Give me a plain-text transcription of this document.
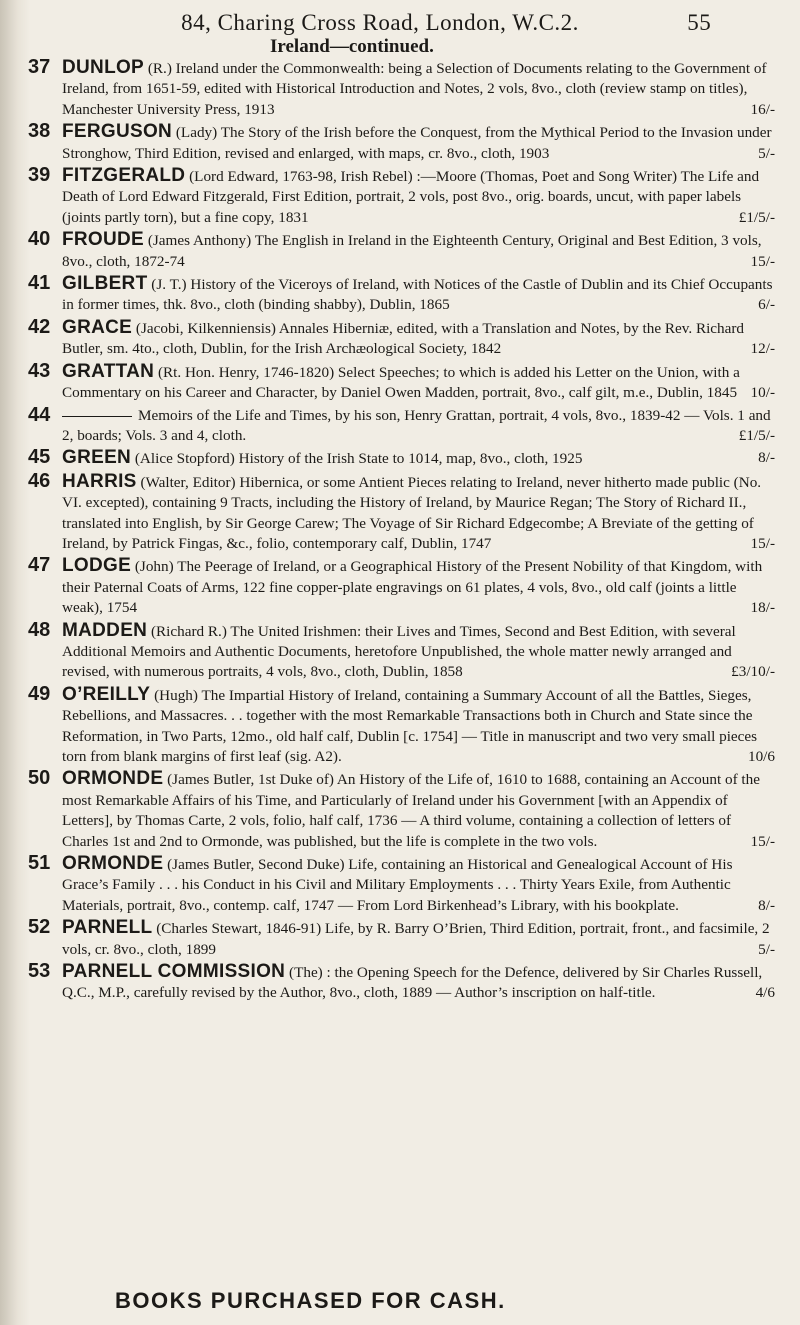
84, Charing Cross Road, London, W.C.2.	55
Ireland—continued.
37 DUNLOP (R.) Ireland under the Commonwealth: being a Selection of Documents relating to the Government of Ireland, from 1651-59, edited with Historical Introduction and Notes, 2 vols, 8vo., cloth (review stamp on titles), Manchester University Press, 1913	16/-
38 FERGUSON (Lady) The Story of the Irish before the Conquest, from the Mythical Period to the Invasion under Stronghow, Third Edition, revised and enlarged, with maps, cr. 8vo., cloth, 1903	5/-
39 FITZGERALD (Lord Edward, 1763-98, Irish Rebel) :—Moore (Thomas, Poet and Song Writer) The Life and Death of Lord Edward Fitzgerald, First Edition, portrait, 2 vols, post 8vo., orig. boards, uncut, with paper labels (joints partly torn), but a fine copy, 1831	£1/5/-
40 FROUDE (James Anthony) The English in Ireland in the Eighteenth Century, Original and Best Edition, 3 vols, 8vo., cloth, 1872-74	15/-
41 GILBERT (J. T.) History of the Viceroys of Ireland, with Notices of the Castle of Dublin and its Chief Occupants in former times, thk. 8vo., cloth (binding shabby), Dublin, 1865	6/-
42 GRACE (Jacobi, Kilkenniensis) Annales Hiberniæ, edited, with a Translation and Notes, by the Rev. Richard Butler, sm. 4to., cloth, Dublin, for the Irish Archæological Society, 1842	12/-
43 GRATTAN (Rt. Hon. Henry, 1746-1820) Select Speeches; to which is added his Letter on the Union, with a Commentary on his Career and Character, by Daniel Owen Madden, portrait, 8vo., calf gilt, m.e., Dublin, 1845 10/-
44	Memoirs of the Life and Times, by his son, Henry Grattan, portrait, 4 vols, 8vo., 1839-42 — Vols. 1 and 2, boards; Vols. 3 and 4, cloth.	£1/5/-
45 GREEN (Alice Stopford) History of the Irish State to 1014, map, 8vo., cloth, 1925	8/-
46 HARRIS (Walter, Editor) Hibernica, or some Antient Pieces relating to Ireland, never hitherto made public (No. VI. excepted), containing 9 Tracts, including the History of Ireland, by Maurice Regan; The Story of Richard II., translated into English, by Sir George Carew; The Voyage of Sir Richard Edgecombe; A Breviate of the getting of Ireland, by Patrick Fingas, &c., folio, contemporary calf, Dublin, 1747	15/-
47 LODGE (John) The Peerage of Ireland, or a Geographical History of the Present Nobility of that Kingdom, with their Paternal Coats of Arms, 122 fine copper-plate engravings on 61 plates, 4 vols, 8vo., old calf (joints a little weak), 1754	18/-
48 MADDEN (Richard R.) The United Irishmen: their Lives and Times, Second and Best Edition, with several Additional Memoirs and Authentic Documents, heretofore Unpublished, the whole matter newly arranged and revised, with numerous portraits, 4 vols, 8vo., cloth, Dublin, 1858	£3/10/-
49 O’REILLY (Hugh) The Impartial History of Ireland, containing a Summary Account of all the Battles, Sieges, Rebellions, and Massacres. . . together with the most Remarkable Transactions both in Church and State since the Reformation, in Two Parts, 12mo., old half calf, Dublin [c. 1754] — Title in manuscript and two very small pieces torn from blank margins of first leaf (sig. A2).	10/6
50 ORMONDE (James Butler, 1st Duke of) An History of the Life of, 1610 to 1688, containing an Account of the most Remarkable Affairs of his Time, and Particularly of Ireland under his Government [with an Appendix of Letters], by Thomas Carte, 2 vols, folio, half calf, 1736 — A third volume, containing a collection of letters of Charles 1st and 2nd to Ormonde, was published, but the life is complete in the two vols.	15/-
51 ORMONDE (James Butler, Second Duke) Life, containing an Historical and Genealogical Account of His Grace’s Family . . . his Conduct in his Civil and Military Employments . . . Thirty Years Exile, from Authentic Materials, portrait, 8vo., contemp. calf, 1747 — From Lord Birkenhead’s Library, with his bookplate.	8/-
52 PARNELL (Charles Stewart, 1846-91) Life, by R. Barry O’Brien, Third Edition, portrait, front., and facsimile, 2 vols, cr. 8vo., cloth, 1899	5/-
53 PARNELL COMMISSION (The) : the Opening Speech for the Defence, delivered by Sir Charles Russell, Q.C., M.P., carefully revised by the Author, 8vo., cloth, 1889 — Author’s inscription on half-title.	4/6
BOOKS PURCHASED FOR CASH.
